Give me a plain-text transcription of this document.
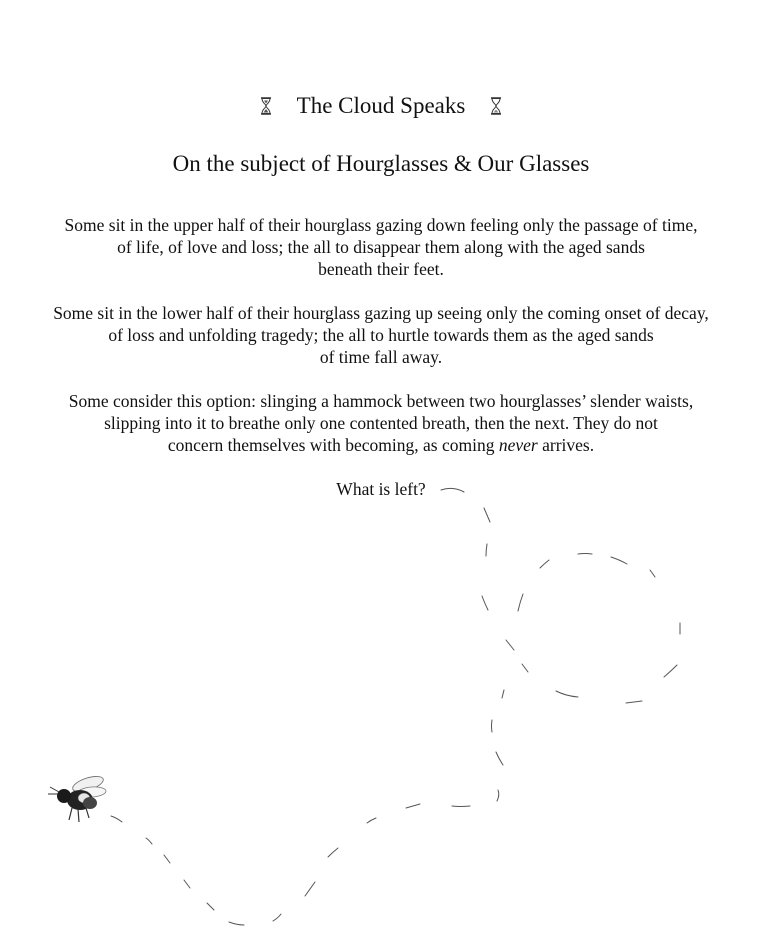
The Cloud Speaks
On the subject of Hourglasses & Our Glasses
Some sit in the upper half of their hourglass gazing down feeling only the passage of time,
of life, of love and loss; the all to disappear them along with the aged sands
beneath their feet.
Some sit in the lower half of their hourglass gazing up seeing only the coming onset of decay,
of loss and unfolding tragedy; the all to hurtle towards them as the aged sands
of time fall away.
Some consider this option: slinging a hammock between two hourglasses’ slender waists,
slipping into it to breathe only one contented breath, then the next. They do not
concern themselves with becoming, as coming never arrives.
What is left?
